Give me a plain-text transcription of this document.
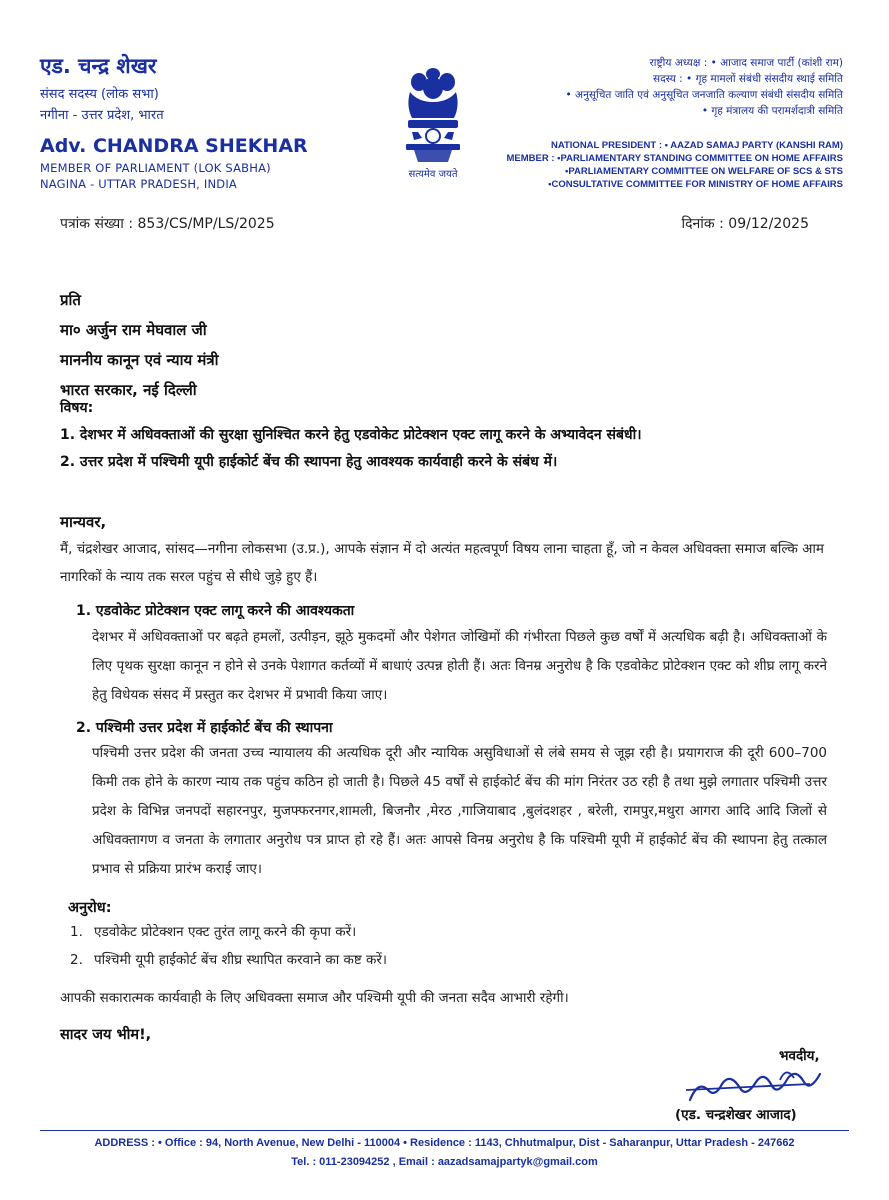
एड. चन्द्र शेखर

संसद सदस्य (लोक सभा)

नगीना - उत्तर प्रदेश, भारत

Adv. CHANDRA SHEKHAR

MEMBER OF PARLIAMENT (LOK SABHA)

NAGINA - UTTAR PRADESH, INDIA

सत्यमेव जयते

राष्ट्रीय अध्यक्ष : • आजाद समाज पार्टी (कांशी राम)

सदस्य : • गृह मामलों संबंधी संसदीय स्थाई समिति

• अनुसूचित जाति एवं अनुसूचित जनजाति कल्याण संबंधी संसदीय समिति

• गृह मंत्रालय की परामर्शदात्री समिति

NATIONAL PRESIDENT : • AAZAD SAMAJ PARTY (KANSHI RAM)

MEMBER : •PARLIAMENTARY STANDING COMMITTEE ON HOME AFFAIRS

•PARLIAMENTARY COMMITTEE ON WELFARE OF SCS & STS

•CONSULTATIVE COMMITTEE FOR MINISTRY OF HOME AFFAIRS

पत्रांक संख्या : 853/CS/MP/LS/2025	दिनांक : 09/12/2025

प्रति

मा० अर्जुन राम मेघवाल जी

माननीय कानून एवं न्याय मंत्री

भारत सरकार, नई दिल्ली

विषय:

1. देशभर में अधिवक्ताओं की सुरक्षा सुनिश्चित करने हेतु एडवोकेट प्रोटेक्शन एक्ट लागू करने के अभ्यावेदन संबंधी।

2. उत्तर प्रदेश में पश्चिमी यूपी हाईकोर्ट बेंच की स्थापना हेतु आवश्यक कार्यवाही करने के संबंध में।

मान्यवर,
मैं, चंद्रशेखर आजाद, सांसद—नगीना लोकसभा (उ.प्र.), आपके संज्ञान में दो अत्यंत महत्वपूर्ण विषय लाना चाहता हूँ, जो न केवल अधिवक्ता समाज बल्कि आम नागरिकों के न्याय तक सरल पहुंच से सीधे जुड़े हुए हैं।
1. एडवोकेट प्रोटेक्शन एक्ट लागू करने की आवश्यकता
देशभर में अधिवक्ताओं पर बढ़ते हमलों, उत्पीड़न, झूठे मुकदमों और पेशेगत जोखिमों की गंभीरता पिछले कुछ वर्षों में अत्यधिक बढ़ी है। अधिवक्ताओं के लिए पृथक सुरक्षा कानून न होने से उनके पेशागत कर्तव्यों में बाधाएं उत्पन्न होती हैं। अतः विनम्र अनुरोध है कि एडवोकेट प्रोटेक्शन एक्ट को शीघ्र लागू करने हेतु विधेयक संसद में प्रस्तुत कर देशभर में प्रभावी किया जाए।
2. पश्चिमी उत्तर प्रदेश में हाईकोर्ट बेंच की स्थापना
पश्चिमी उत्तर प्रदेश की जनता उच्च न्यायालय की अत्यधिक दूरी और न्यायिक असुविधाओं से लंबे समय से जूझ रही है। प्रयागराज की दूरी 600–700 किमी तक होने के कारण न्याय तक पहुंच कठिन हो जाती है। पिछले 45 वर्षों से हाईकोर्ट बेंच की मांग निरंतर उठ रही है तथा मुझे लगातार पश्चिमी उत्तर प्रदेश के विभिन्न जनपदों सहारनपुर, मुजफ्फरनगर,शामली, बिजनौर ,मेरठ ,गाजियाबाद ,बुलंदशहर , बरेली, रामपुर,मथुरा आगरा आदि आदि जिलों से अधिवक्तागण व जनता के लगातार अनुरोध पत्र प्राप्त हो रहे हैं। अतः आपसे विनम्र अनुरोध है कि पश्चिमी यूपी में हाईकोर्ट बेंच की स्थापना हेतु तत्काल प्रभाव से प्रक्रिया प्रारंभ कराई जाए।
अनुरोध:
1. एडवोकेट प्रोटेक्शन एक्ट तुरंत लागू करने की कृपा करें।
2. पश्चिमी यूपी हाईकोर्ट बेंच शीघ्र स्थापित करवाने का कष्ट करें।
आपकी सकारात्मक कार्यवाही के लिए अधिवक्ता समाज और पश्चिमी यूपी की जनता सदैव आभारी रहेगी।
सादर जय भीम!,
भवदीय,
(एड. चन्द्रशेखर आजाद)
ADDRESS : • Office : 94, North Avenue, New Delhi - 110004 • Residence : 1143, Chhutmalpur, Dist - Saharanpur, Uttar Pradesh - 247662
Tel. : 011-23094252 , Email : aazadsamajpartyk@gmail.com
